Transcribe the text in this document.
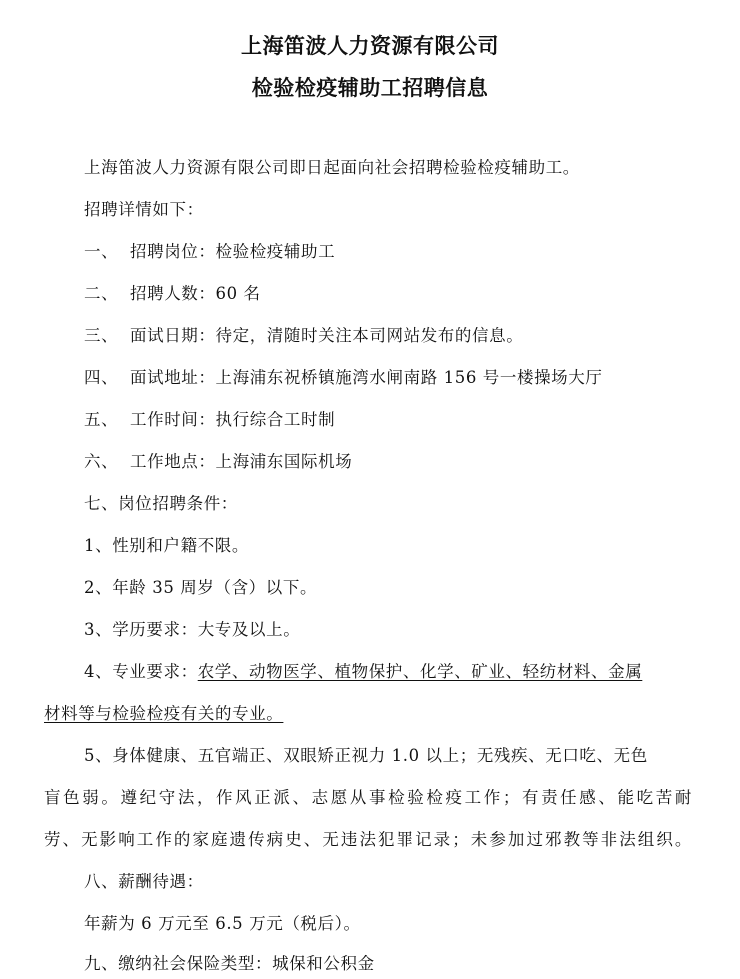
上海笛波人力资源有限公司
检验检疫辅助工招聘信息
上海笛波人力资源有限公司即日起面向社会招聘检验检疫辅助工。
招聘详情如下：
一、 招聘岗位：检验检疫辅助工
二、 招聘人数：60 名
三、 面试日期：待定，清随时关注本司网站发布的信息。
四、 面试地址：上海浦东祝桥镇施湾水闸南路 156 号一楼操场大厅
五、 工作时间：执行综合工时制
六、 工作地点：上海浦东国际机场
七、岗位招聘条件：
1、性别和户籍不限。
2、年龄 35 周岁（含）以下。
3、学历要求：大专及以上。
4、专业要求：农学、动物医学、植物保护、化学、矿业、轻纺材料、金属
材料等与检验检疫有关的专业。
5、身体健康、五官端正、双眼矫正视力 1.0 以上；无残疾、无口吃、无色
盲色弱。遵纪守法，作风正派、志愿从事检验检疫工作；有责任感、能吃苦耐
劳、无影响工作的家庭遗传病史、无违法犯罪记录；未参加过邪教等非法组织。
八、薪酬待遇：
年薪为 6 万元至 6.5 万元（税后）。
九、缴纳社会保险类型：城保和公积金
